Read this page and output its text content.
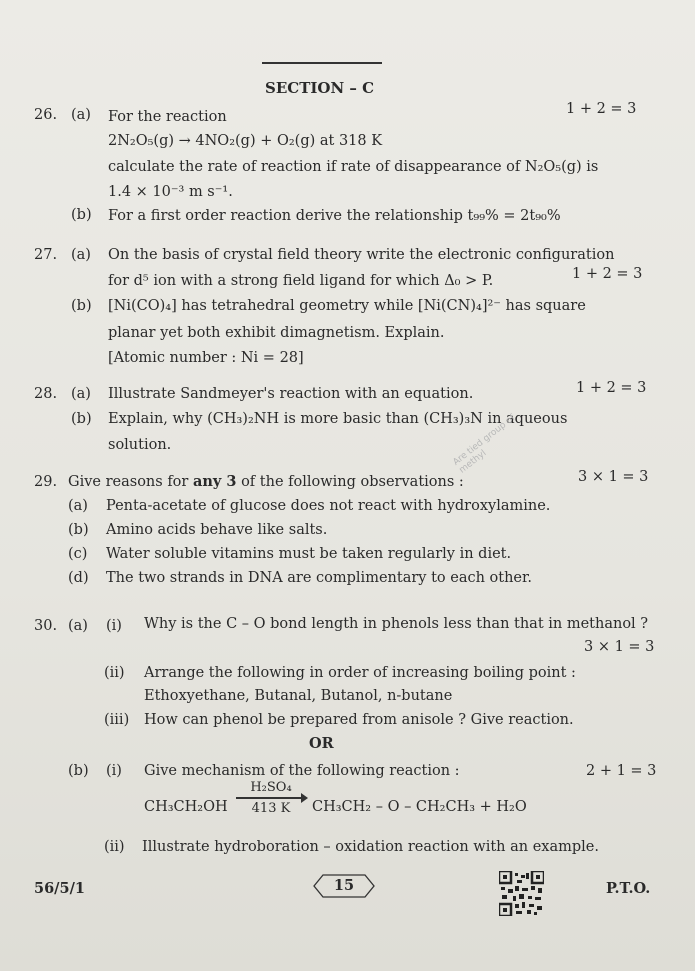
SECTION – C
26. (a) For the reaction	1 + 2 = 3
2N₂O₅(g) → 4NO₂(g) + O₂(g) at 318 K
calculate the rate of reaction if rate of disappearance of N₂O₅(g) is
1.4 × 10⁻³ m s⁻¹.
(b) For a first order reaction derive the relationship t₉₉% = 2t₉₀%
27. (a) On the basis of crystal field theory write the electronic configuration
for d⁵ ion with a strong field ligand for which Δ₀ > P.	1 + 2 = 3
(b) [Ni(CO)₄] has tetrahedral geometry while [Ni(CN)₄]²⁻ has square
planar yet both exhibit dimagnetism. Explain.
[Atomic number : Ni = 28]
28. (a) Illustrate Sandmeyer's reaction with an equation.	1 + 2 = 3
(b) Explain, why (CH₃)₂NH is more basic than (CH₃)₃N in aqueous
solution.	Are tied group of methyl
29. Give reasons for any 3 of the following observations :	3 × 1 = 3
(a) Penta-acetate of glucose does not react with hydroxylamine.
(b) Amino acids behave like salts.
(c) Water soluble vitamins must be taken regularly in diet.
(d) The two strands in DNA are complimentary to each other.
30. (a) (i) Why is the C – O bond length in phenols less than that in methanol ?
3 × 1 = 3
(ii) Arrange the following in order of increasing boiling point :
Ethoxyethane, Butanal, Butanol, n-butane
(iii) How can phenol be prepared from anisole ? Give reaction.
OR
(b) (i) Give mechanism of the following reaction :	2 + 1 = 3
CH₃CH₂OH
H₂SO₄
413 K	CH₃CH₂ – O – CH₂CH₃ + H₂O
(ii) Illustrate hydroboration – oxidation reaction with an example.
56/5/1	15	P.T.O.
